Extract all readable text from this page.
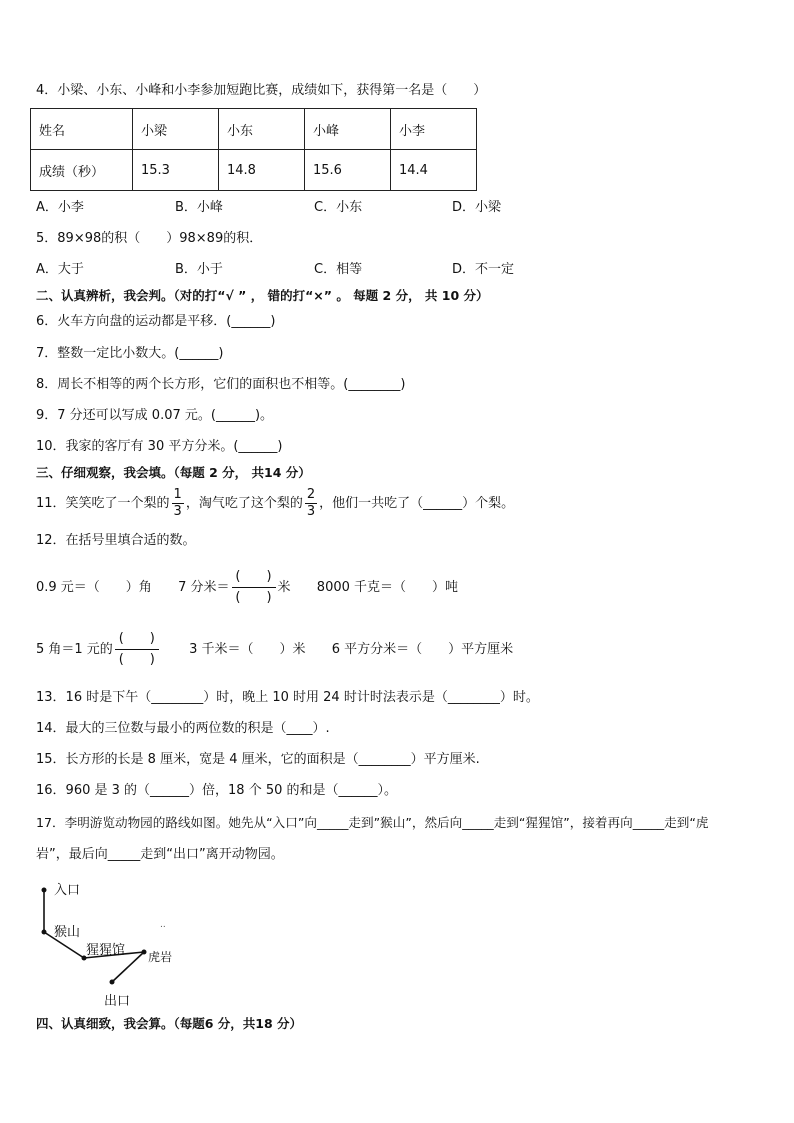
4．小梁、小东、小峰和小李参加短跑比赛，成绩如下，获得第一名是（　　）
姓名	小梁	小东	小峰	小李
成绩（秒）	15.3	14.8	15.6	14.4
A．小李	B．小峰	C．小东	D．小梁
5．89×98的积（　　）98×89的积．
A．大于	B．小于	C．相等	D．不一定
二、认真辨析，我会判。（对的打“√ ” ， 错的打“×” 。 每题 2 分， 共 10 分）
6．火车方向盘的运动都是平移．(______)
7．整数一定比小数大。(______)
8．周长不相等的两个长方形，它们的面积也不相等。(________)
9．7 分还可以写成 0.07 元。(______)。
10．我家的客厅有 30 平方分米。(______)
三、仔细观察，我会填。（每题 2 分， 共14 分）
11．笑笑吃了一个梨的 $\frac{1}{3}$ ，淘气吃了这个梨的 $\frac{2}{3}$ ，他们一共吃了（______）个梨。
12．在括号里填合适的数。
0.9 元＝（　　）角 7 分米＝ $\frac{( )}{( )}$ 米 8000 千克＝（　　）吨
5 角＝1 元的 $\frac{( )}{( )} 3$ 千米＝（　　）米 6 平方分米＝（　　）平方厘米
13．16 时是下午（________）时，晚上 10 时用 24 时计时法表示是（________）时。
14．最大的三位数与最小的两位数的积是（____）.
15．长方形的长是 8 厘米，宽是 4 厘米，它的面积是（________）平方厘米.
16．960 是 3 的（______）倍，18 个 50 的和是（______）。
17．李明游览动物园的路线如图。她先从“入口”向_____走到”猴山”，然后向_____走到“猩猩馆”，接着再向_____走到“虎
岩”，最后向_____走到“出口”离开动物园。
入口
猴山
猩猩馆 虎岩
出口
..
四、认真细致，我会算。（每题6 分，共18 分）
